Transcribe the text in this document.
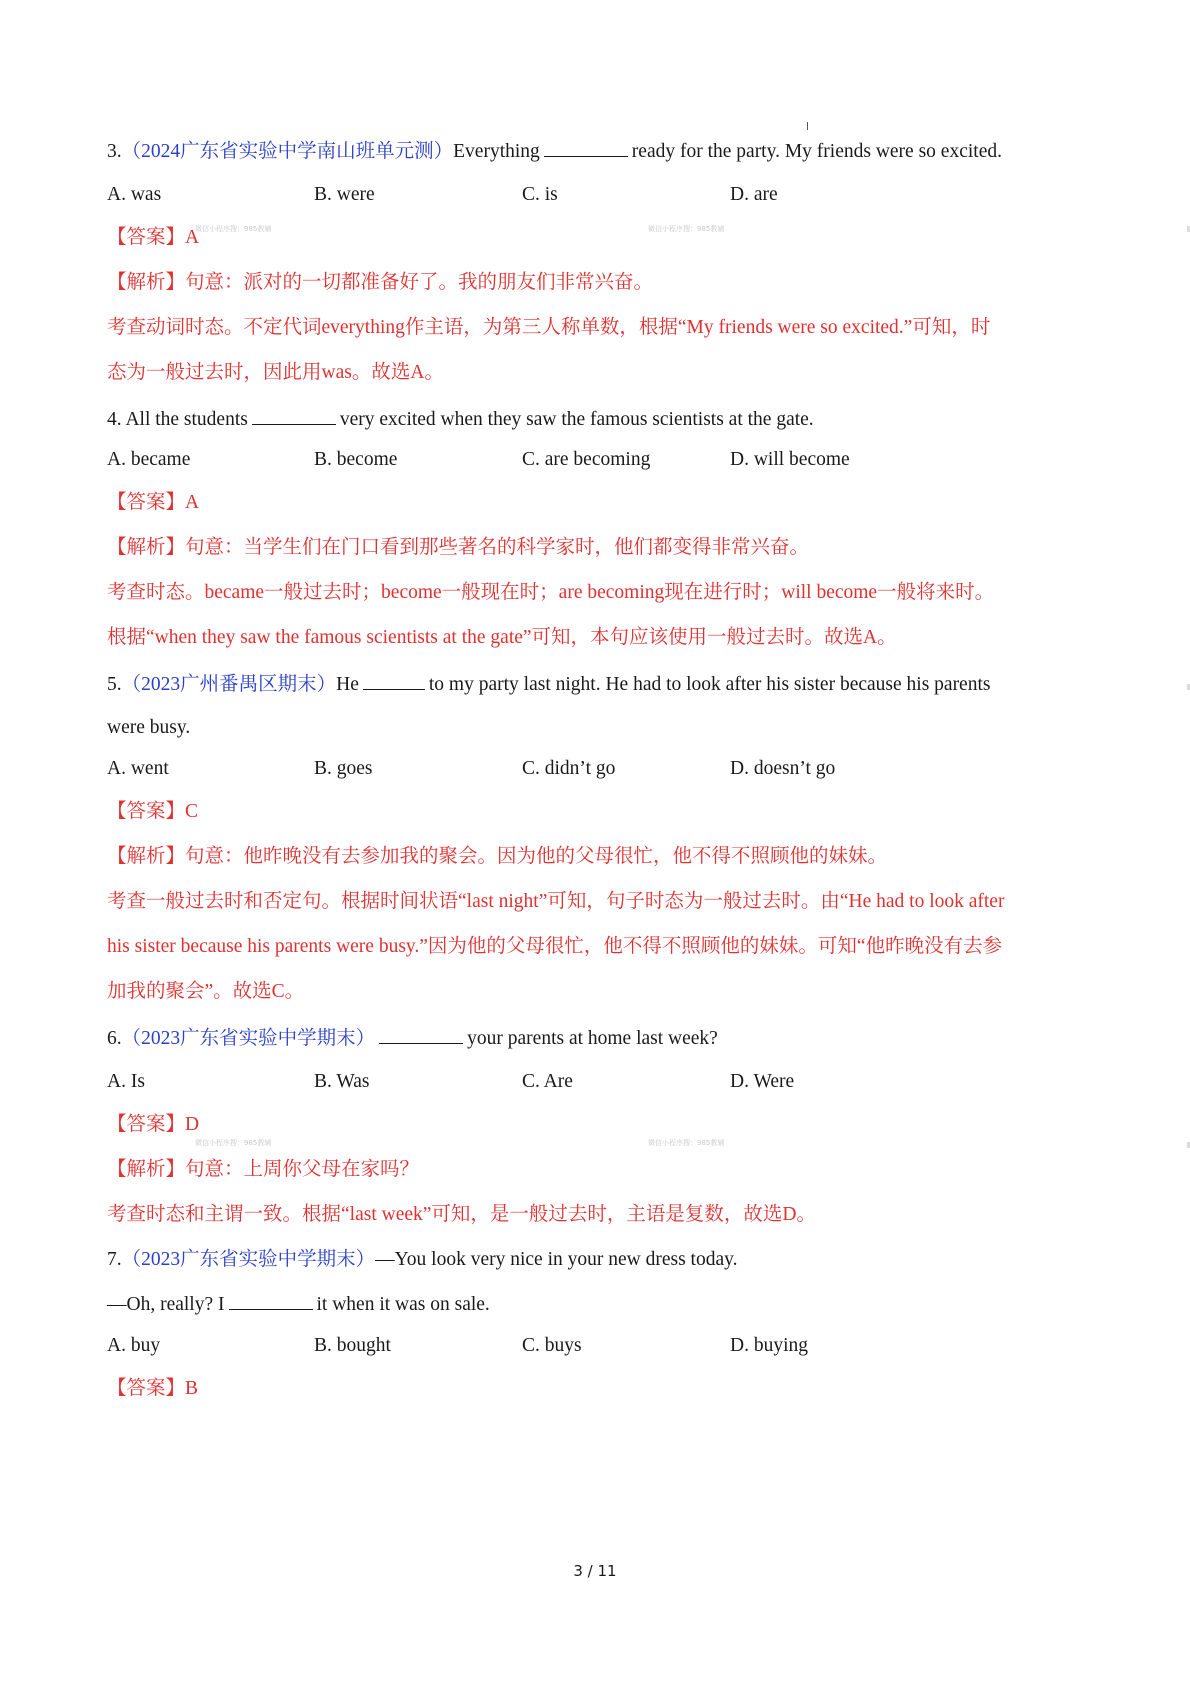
微信小程序搜：985教辅	微信小程序搜：985教辅
微信小程序搜：985教辅	微信小程序搜：985教辅

3.（2024广东省实验中学南山班单元测）Everything	ready for the party. My friends were so excited.

A. was	B. were	C. is	D. are

【答案】A

【解析】句意：派对的一切都准备好了。我的朋友们非常兴奋。

考查动词时态。不定代词everything作主语，为第三人称单数，根据“My friends were so excited.”可知，时

态为一般过去时，因此用was。故选A。

4. All the students	very excited when they saw the famous scientists at the gate.

A. became	B. become	C. are becoming	D. will become

【答案】A

【解析】句意：当学生们在门口看到那些著名的科学家时，他们都变得非常兴奋。

考查时态。became一般过去时；become一般现在时；are becoming现在进行时；will become一般将来时。

根据“when they saw the famous scientists at the gate”可知，本句应该使用一般过去时。故选A。

5.（2023广州番禺区期末）He	to my party last night. He had to look after his sister because his parents

were busy.

A. went	B. goes	C. didn’t go	D. doesn’t go

【答案】C

【解析】句意：他昨晚没有去参加我的聚会。因为他的父母很忙，他不得不照顾他的妹妹。

考查一般过去时和否定句。根据时间状语“last night”可知，句子时态为一般过去时。由“He had to look after

his sister because his parents were busy.”因为他的父母很忙，他不得不照顾他的妹妹。可知“他昨晚没有去参

加我的聚会”。故选C。

6.（2023广东省实验中学期末）	your parents at home last week?

A. Is	B. Was	C. Are	D. Were

【答案】D

【解析】句意：上周你父母在家吗？

考查时态和主谓一致。根据“last week”可知，是一般过去时，主语是复数，故选D。

7.（2023广东省实验中学期末）—You look very nice in your new dress today.

—Oh, really? I	it when it was on sale.

A. buy	B. bought	C. buys	D. buying

【答案】B

3 / 11
